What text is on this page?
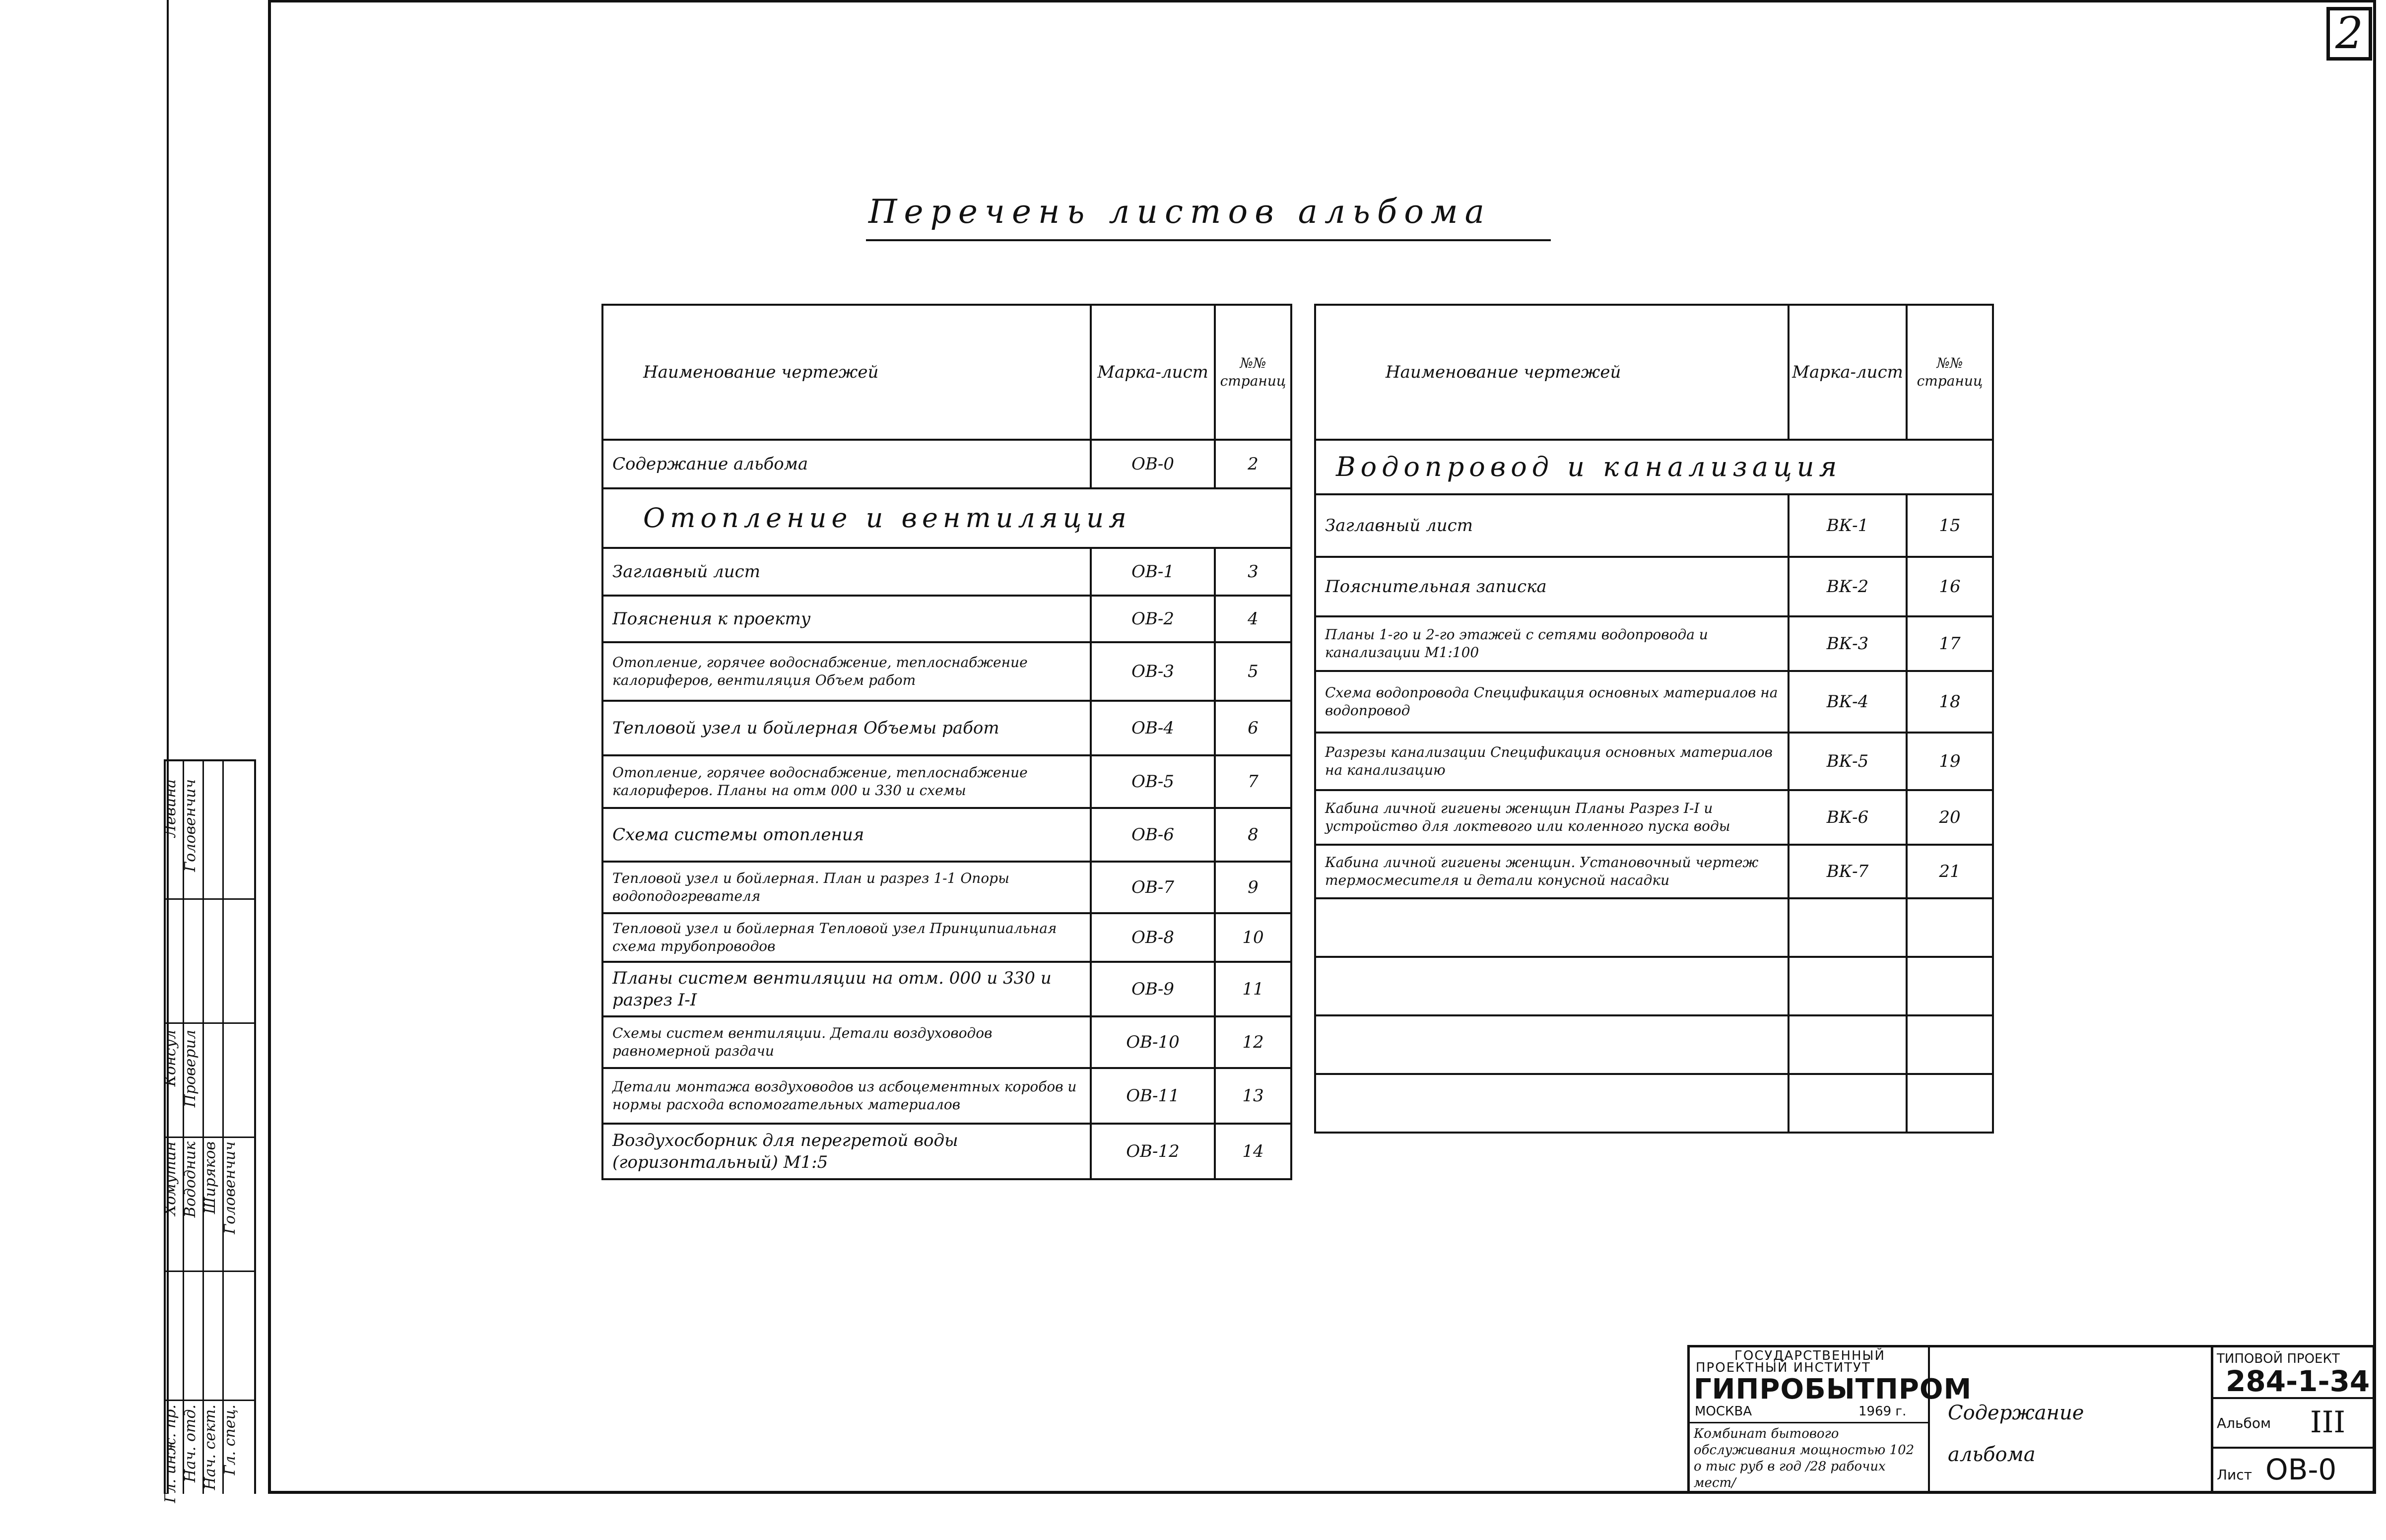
2
Перечень листов альбома
Наименование чертежей	Марка-лист	№№ страниц
Содержание альбома	ОВ-0	2
Отопление и вентиляция		
Заглавный лист	ОВ-1	3
Пояснения к проекту	ОВ-2	4
Отопление, горячее водоснабжение, теплоснабжение калориферов, вентиляция Объем работ	ОВ-3	5
Тепловой узел и бойлерная Объемы работ	ОВ-4	6
Отопление, горячее водоснабжение, теплоснабжение калориферов. Планы на отм 000 и 330 и схемы	ОВ-5	7
Схема системы отопления	ОВ-6	8
Тепловой узел и бойлерная. План и разрез 1-1 Опоры водоподогревателя	ОВ-7	9
Тепловой узел и бойлерная Тепловой узел Принципиальная схема трубопроводов	ОВ-8	10
Планы систем вентиляции на отм. 000 и 330 и разрез I-I	ОВ-9	11
Схемы систем вентиляции. Детали воздуховодов равномерной раздачи	ОВ-10	12
Детали монтажа воздуховодов из асбоцементных коробов и нормы расхода вспомогательных материалов	ОВ-11	13
Воздухосборник для перегретой воды (горизонтальный) М1:5	ОВ-12	14
Наименование чертежей	Марка-лист	№№ страниц
Водопровод и канализация		
Заглавный лист	ВК-1	15
Пояснительная записка	ВК-2	16
Планы 1-го и 2-го этажей с сетями водопровода и канализации М1:100	ВК-3	17
Схема водопровода Спецификация основных материалов на водопровод	ВК-4	18
Разрезы канализации Спецификация основных материалов на канализацию	ВК-5	19
Кабина личной гигиены женщин Планы Разрез I-I и устройство для локтевого или коленного пуска воды	ВК-6	20
Кабина личной гигиены женщин. Установочный чертеж термосмесителя и детали конусной насадки	ВК-7	21

Левина Головенчич
Консул Проверил
Хомутин Вододник Ширяков Головенчич
Гл. инж. пр. Нач. отд. Нач. сект. Гл. спец.
ГОСУДАРСТВЕННЫЙ
ПРОЕКТНЫЙ ИНСТИТУТ
ГИПРОБЫТПРОМ
МОСКВА	1969 г.
Комбинат бытового обслуживания мощностью 102 о тыс руб в год /28 рабочих мест/
Содержание альбома
ТИПОВОЙ ПРОЕКТ
284-1-34
Альбом III
Лист ОВ-0
